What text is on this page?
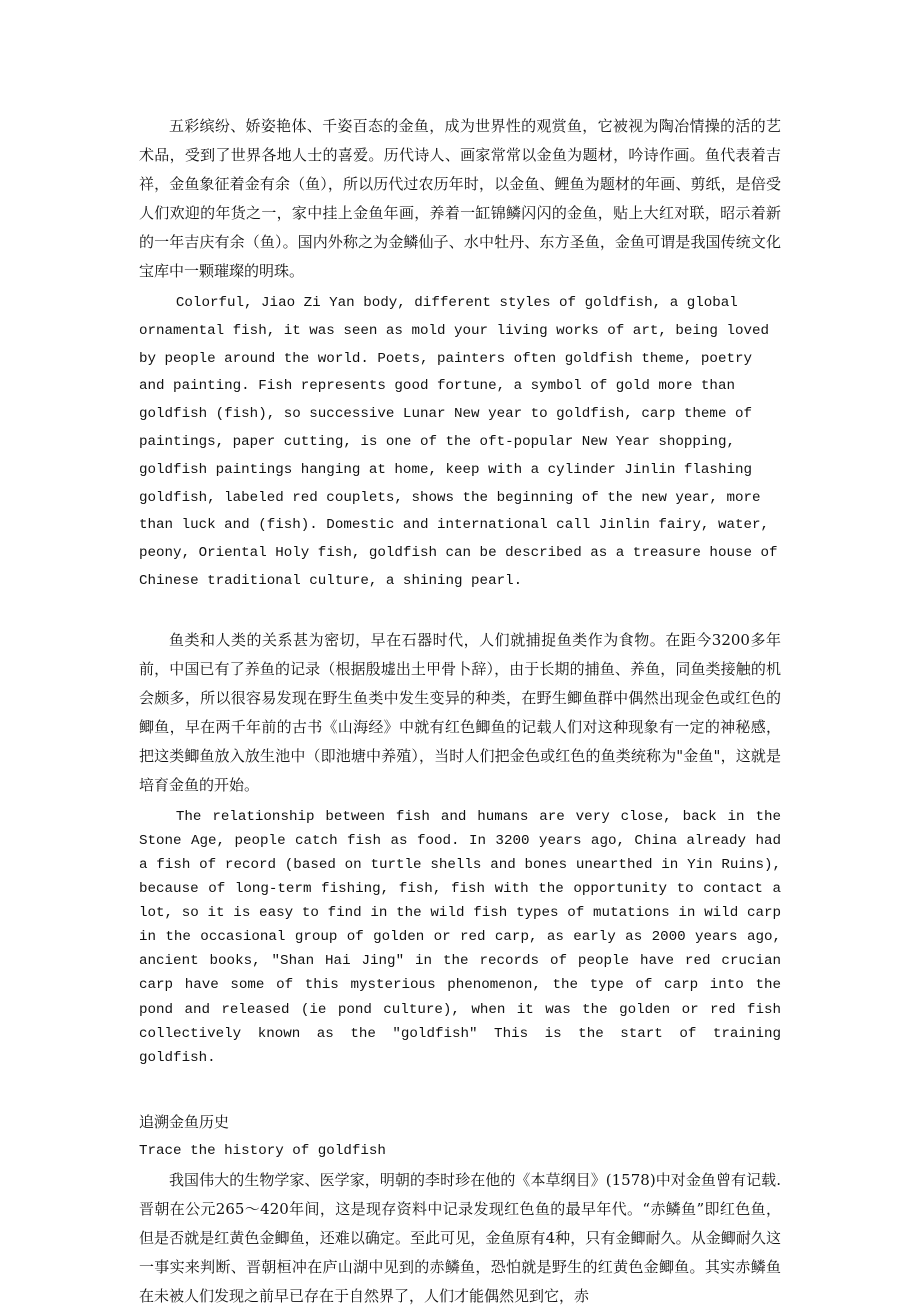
五彩缤纷、娇姿艳体、千姿百态的金鱼，成为世界性的观赏鱼，它被视为陶冶情操的活的艺术品，受到了世界各地人士的喜爱。历代诗人、画家常常以金鱼为题材，吟诗作画。鱼代表着吉祥，金鱼象征着金有余（鱼），所以历代过农历年时，以金鱼、鲤鱼为题材的年画、剪纸，是倍受人们欢迎的年货之一，家中挂上金鱼年画，养着一缸锦鳞闪闪的金鱼，贴上大红对联，昭示着新的一年吉庆有余（鱼）。国内外称之为金鳞仙子、水中牡丹、东方圣鱼，金鱼可谓是我国传统文化宝库中一颗璀璨的明珠。

Colorful, Jiao Zi Yan body, different styles of goldfish, a global ornamental fish, it was seen as mold your living works of art, being loved by people around the world. Poets, painters often goldfish theme, poetry and painting. Fish represents good fortune, a symbol of gold more than goldfish (fish), so successive Lunar New year to goldfish, carp theme of paintings, paper cutting, is one of the oft-popular New Year shopping, goldfish paintings hanging at home, keep with a cylinder Jinlin flashing goldfish, labeled red couplets, shows the beginning of the new year, more than luck and (fish). Domestic and international call Jinlin fairy, water, peony, Oriental Holy fish, goldfish can be described as a treasure house of Chinese traditional culture, a shining pearl.

鱼类和人类的关系甚为密切，早在石器时代，人们就捕捉鱼类作为食物。在距今3200多年前，中国已有了养鱼的记录（根据殷墟出土甲骨卜辞），由于长期的捕鱼、养鱼，同鱼类接触的机会颇多，所以很容易发现在野生鱼类中发生变异的种类，在野生鲫鱼群中偶然出现金色或红色的鲫鱼，早在两千年前的古书《山海经》中就有红色鲫鱼的记载人们对这种现象有一定的神秘感，把这类鲫鱼放入放生池中（即池塘中养殖），当时人们把金色或红色的鱼类统称为"金鱼"，这就是培育金鱼的开始。

The relationship between fish and humans are very close, back in the Stone Age, people catch fish as food. In 3200 years ago, China already had a fish of record (based on turtle shells and bones unearthed in Yin Ruins), because of long-term fishing, fish, fish with the opportunity to contact a lot, so it is easy to find in the wild fish types of mutations in wild carp in the occasional group of golden or red carp, as early as 2000 years ago, ancient books, "Shan Hai Jing" in the records of people have red crucian carp have some of this mysterious phenomenon, the type of carp into the pond and released (ie pond culture), when it was the golden or red fish collectively known as the "goldfish" This is the start of training goldfish.

追溯金鱼历史

Trace the history of goldfish

我国伟大的生物学家、医学家，明朝的李时珍在他的《本草纲目》(1578)中对金鱼曾有记载.晋朝在公元265～420年间，这是现存资料中记录发现红色鱼的最早年代。“赤鳞鱼”即红色鱼，但是否就是红黄色金鲫鱼，还难以确定。至此可见，金鱼原有4种，只有金鲫耐久。从金鲫耐久这一事实来判断、晋朝桓冲在庐山湖中见到的赤鳞鱼，恐怕就是野生的红黄色金鲫鱼。其实赤鳞鱼在未被人们发现之前早已存在于自然界了，人们才能偶然见到它，赤
